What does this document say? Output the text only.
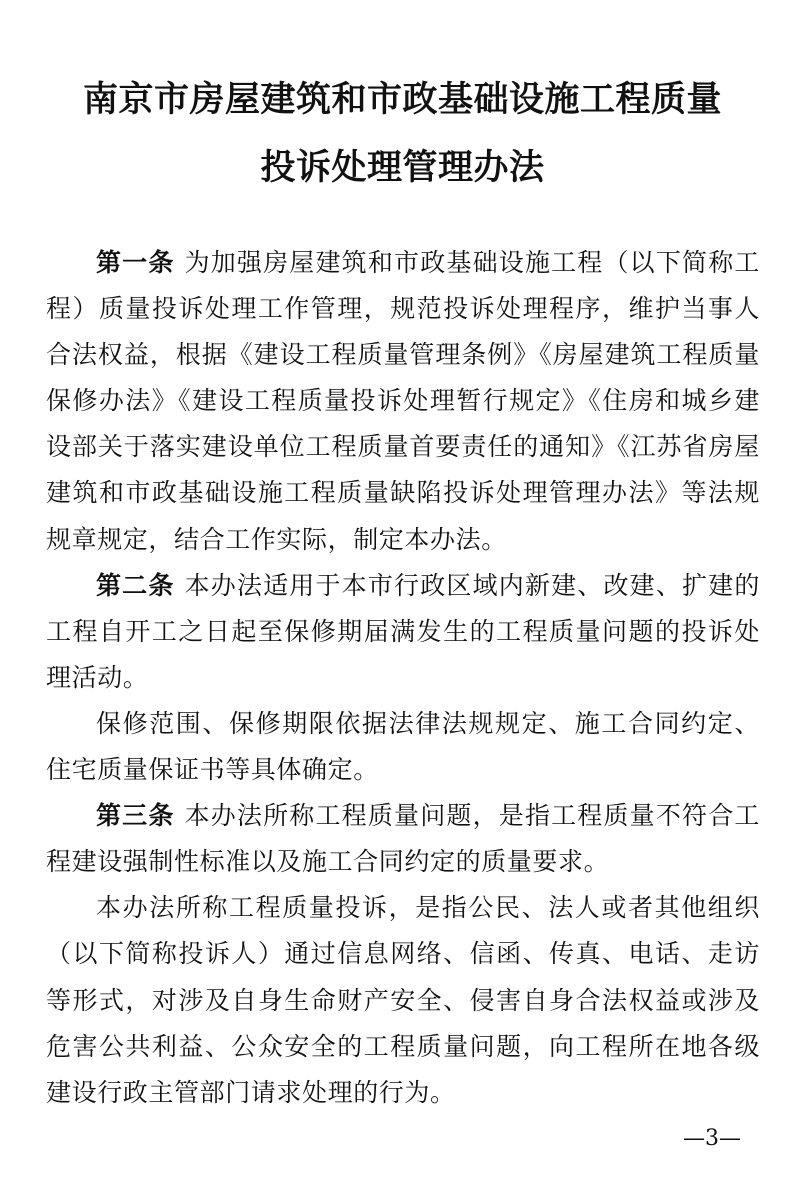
南京市房屋建筑和市政基础设施工程质量
投诉处理管理办法

第一条 为加强房屋建筑和市政基础设施工程（以下简称工程）质量投诉处理工作管理，规范投诉处理程序，维护当事人合法权益，根据《建设工程质量管理条例》《房屋建筑工程质量保修办法》《建设工程质量投诉处理暂行规定》《住房和城乡建设部关于落实建设单位工程质量首要责任的通知》《江苏省房屋建筑和市政基础设施工程质量缺陷投诉处理管理办法》等法规规章规定，结合工作实际，制定本办法。

第二条 本办法适用于本市行政区域内新建、改建、扩建的工程自开工之日起至保修期届满发生的工程质量问题的投诉处理活动。

保修范围、保修期限依据法律法规规定、施工合同约定、住宅质量保证书等具体确定。

第三条 本办法所称工程质量问题，是指工程质量不符合工程建设强制性标准以及施工合同约定的质量要求。

本办法所称工程质量投诉，是指公民、法人或者其他组织（以下简称投诉人）通过信息网络、信函、传真、电话、走访等形式，对涉及自身生命财产安全、侵害自身合法权益或涉及危害公共利益、公众安全的工程质量问题，向工程所在地各级建设行政主管部门请求处理的行为。

—3—
